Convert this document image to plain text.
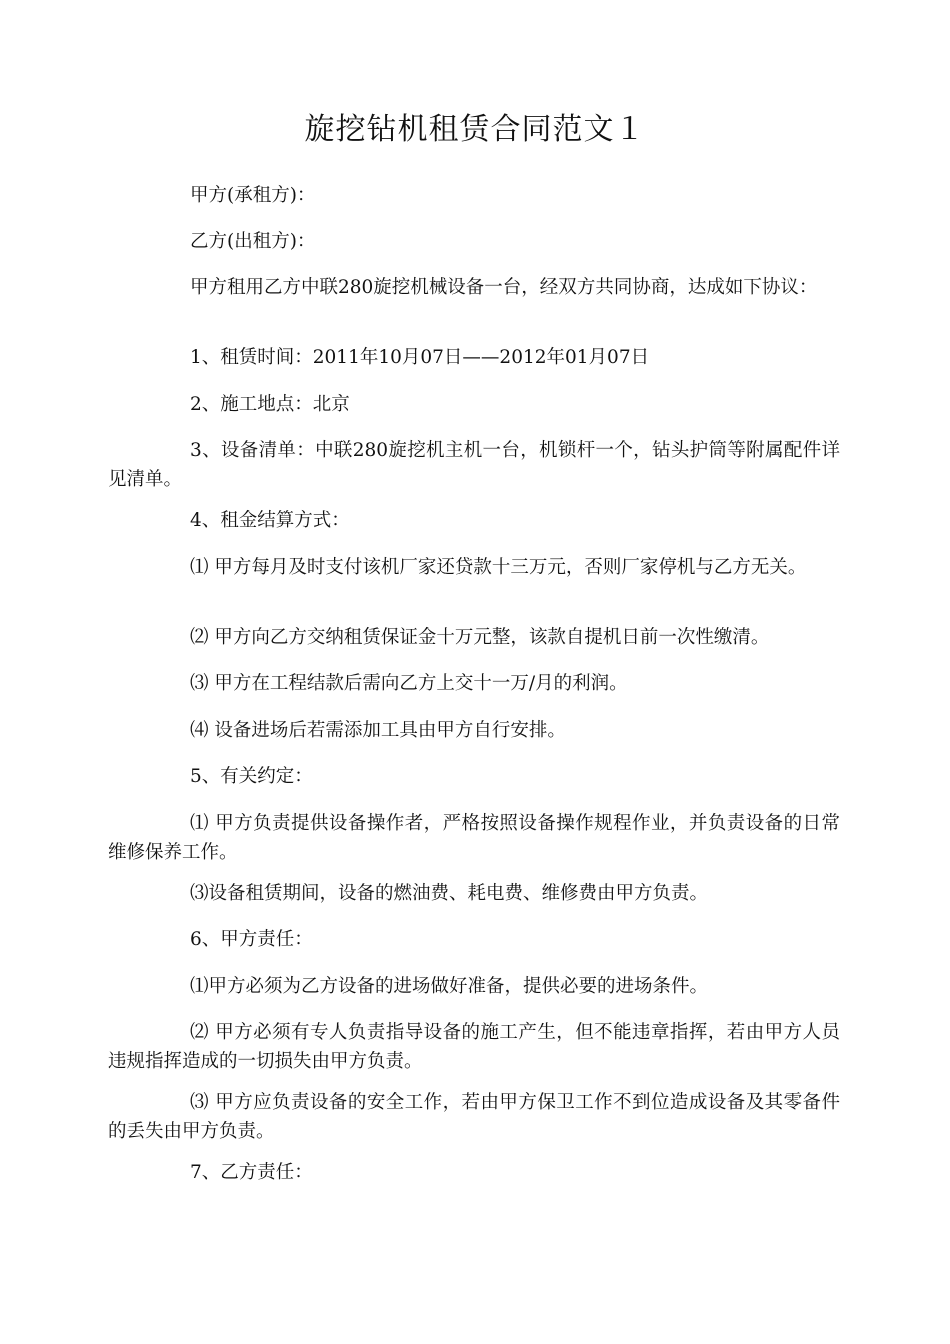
旋挖钻机租赁合同范文１

甲方(承租方)：

乙方(出租方)：

甲方租用乙方中联280旋挖机械设备一台，经双方共同协商，达成如下协议：

1、租赁时间：2011年10月07日——2012年01月07日

2、施工地点：北京

3、设备清单：中联280旋挖机主机一台，机锁杆一个，钻头护筒等附属配件详见清单。

4、租金结算方式：

⑴ 甲方每月及时支付该机厂家还贷款十三万元，否则厂家停机与乙方无关。

⑵ 甲方向乙方交纳租赁保证金十万元整，该款自提机日前一次性缴清。

⑶ 甲方在工程结款后需向乙方上交十一万/月的利润。

⑷ 设备进场后若需添加工具由甲方自行安排。

5、有关约定：

⑴ 甲方负责提供设备操作者，严格按照设备操作规程作业，并负责设备的日常维修保养工作。

⑶设备租赁期间，设备的燃油费、耗电费、维修费由甲方负责。

6、甲方责任：

⑴甲方必须为乙方设备的进场做好准备，提供必要的进场条件。

⑵ 甲方必须有专人负责指导设备的施工产生，但不能违章指挥，若由甲方人员违规指挥造成的一切损失由甲方负责。

⑶ 甲方应负责设备的安全工作，若由甲方保卫工作不到位造成设备及其零备件的丢失由甲方负责。

7、乙方责任：
